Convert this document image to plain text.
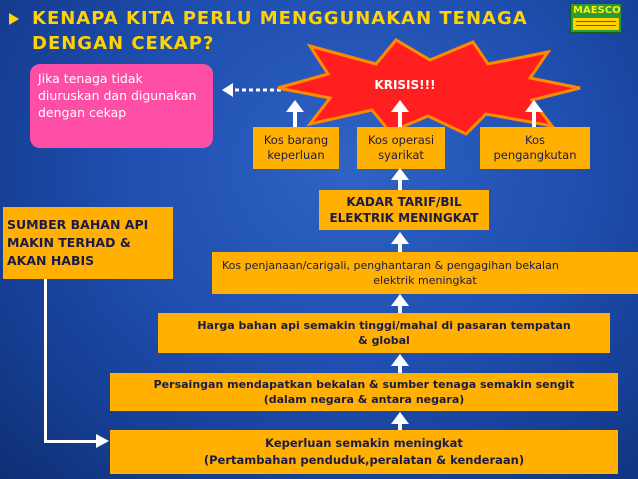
KENAPA KITA PERLU MENGGUNAKAN TENAGA DENGAN CEKAP?
MAESCO
Jika tenaga tidak diuruskan dan digunakan dengan cekap
KRISIS!!!
Kos barang
keperluan
Kos operasi
syarikat
Kos
pengangkutan
KADAR TARIF/BIL
ELEKTRIK MENINGKAT
SUMBER BAHAN API
MAKIN TERHAD &
AKAN HABIS	Kos penjanaan/carigali, penghantaran & pengagihan bekalan
elektrik meningkat
Harga bahan api semakin tinggi/mahal di pasaran tempatan
& global
Persaingan mendapatkan bekalan & sumber tenaga semakin sengit
(dalam negara & antara negara)
Keperluan semakin meningkat
(Pertambahan penduduk,peralatan & kenderaan)
